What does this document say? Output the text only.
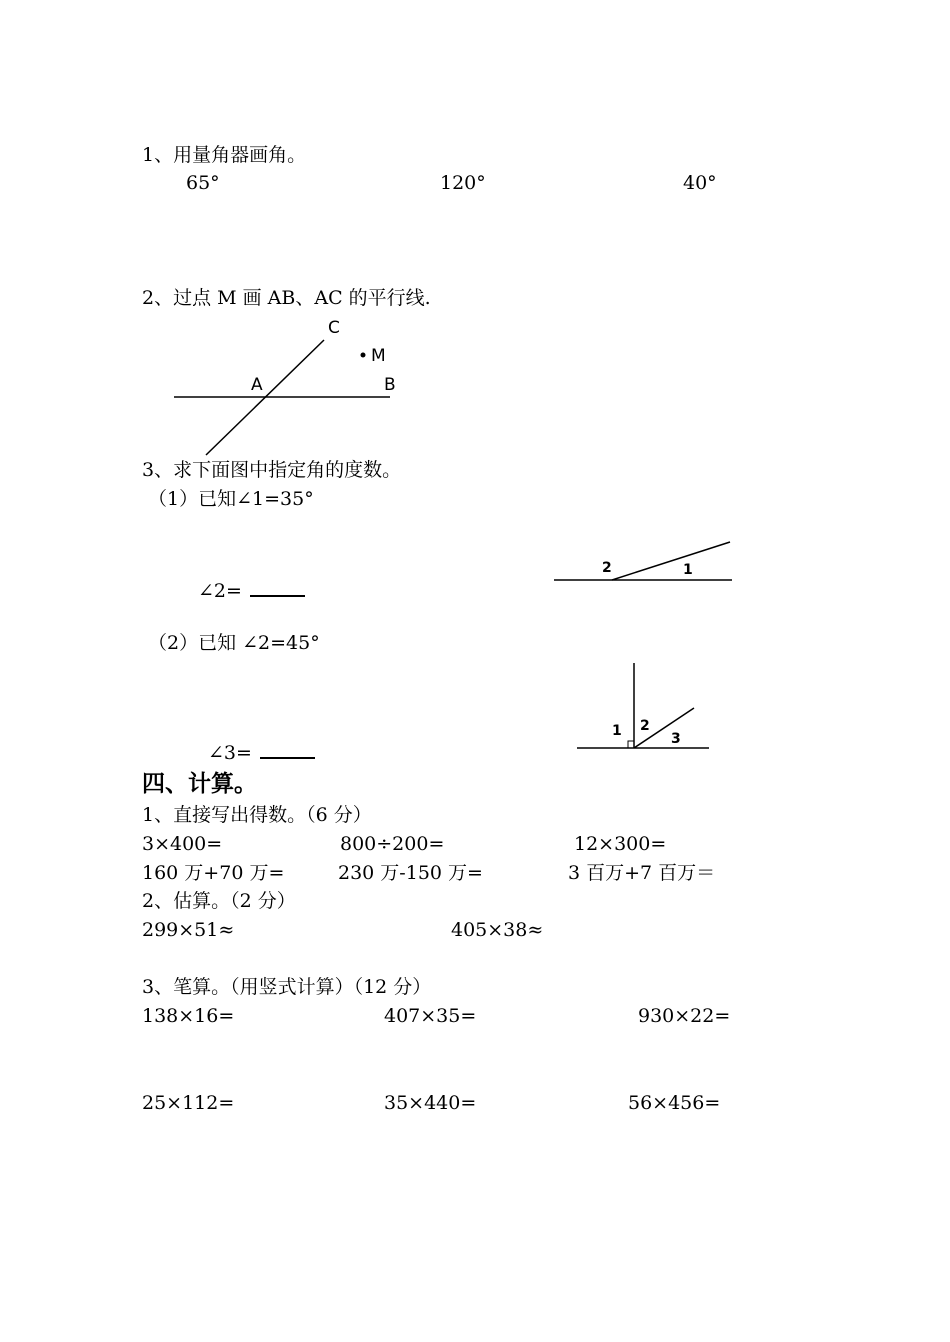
1、用量角器画角。
65°	120°	40°
2、过点 M 画 AB、AC 的平行线.
C
M
A	B
3、求下面图中指定角的度数。
（1）已知∠1=35°
∠2=
2	1
（2）已知 ∠2=45°
∠3=
1 2
3
四、计算。
1、直接写出得数。（6 分）
3×400=	800÷200=	12×300=
160 万+70 万=	230 万-150 万=	3 百万+7 百万＝
2、估算。（2 分）
299×51≈	405×38≈
3、笔算。（用竖式计算）（12 分）
138×16=	407×35=	930×22=
25×112=	35×440=	56×456=
